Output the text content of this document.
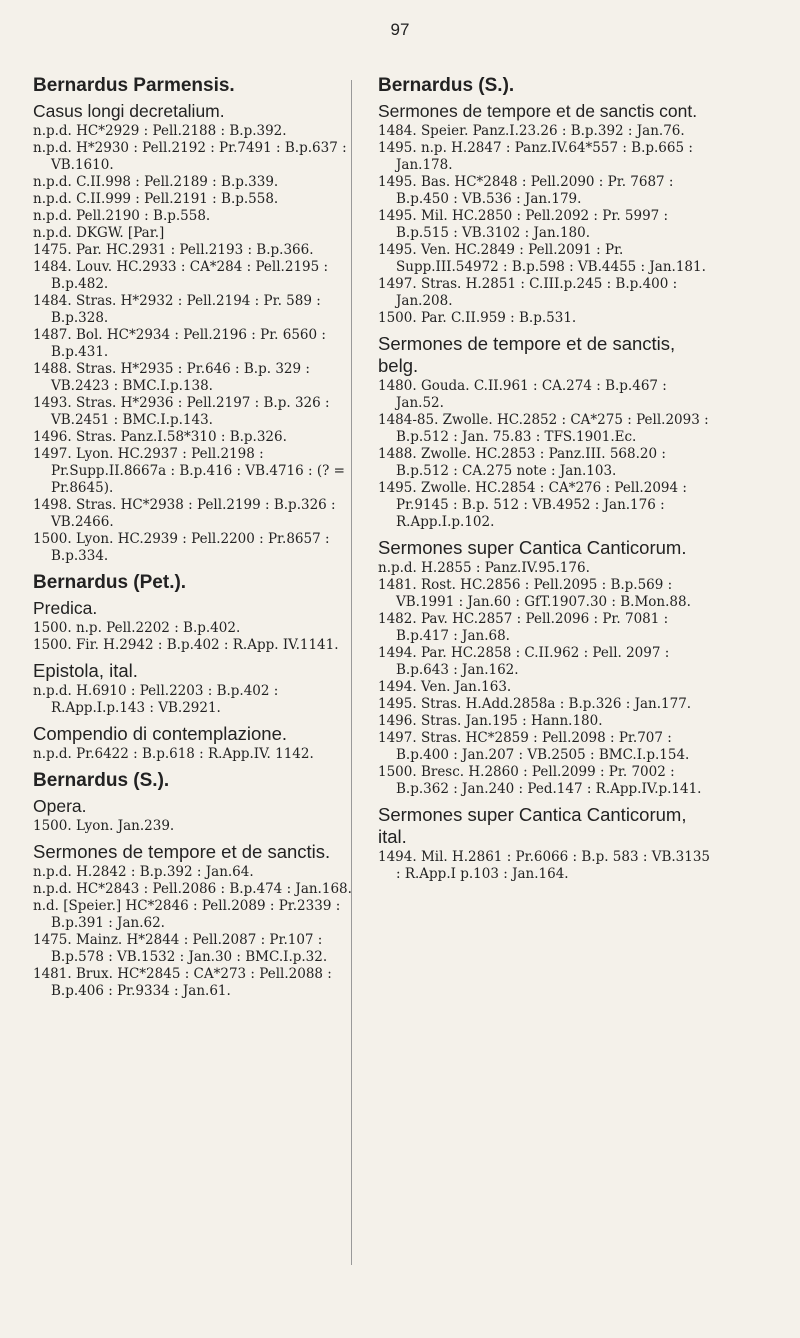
97
Bernardus Parmensis.
Casus longi decretalium.
n.p.d. HC*2929 : Pell.2188 : B.p.392.
n.p.d. H*2930 : Pell.2192 : Pr.7491 : B.p.637 : VB.1610.
n.p.d. C.II.998 : Pell.2189 : B.p.339.
n.p.d. C.II.999 : Pell.2191 : B.p.558.
n.p.d. Pell.2190 : B.p.558.
n.p.d. DKGW. [Par.]
1475. Par. HC.2931 : Pell.2193 : B.p.366.
1484. Louv. HC.2933 : CA*284 : Pell.2195 : B.p.482.
1484. Stras. H*2932 : Pell.2194 : Pr. 589 : B.p.328.
1487. Bol. HC*2934 : Pell.2196 : Pr. 6560 : B.p.431.
1488. Stras. H*2935 : Pr.646 : B.p. 329 : VB.2423 : BMC.I.p.138.
1493. Stras. H*2936 : Pell.2197 : B.p. 326 : VB.2451 : BMC.I.p.143.
1496. Stras. Panz.I.58*310 : B.p.326.
1497. Lyon. HC.2937 : Pell.2198 : Pr.Supp.II.8667a : B.p.416 : VB.4716 : (? = Pr.8645).
1498. Stras. HC*2938 : Pell.2199 : B.p.326 : VB.2466.
1500. Lyon. HC.2939 : Pell.2200 : Pr.8657 : B.p.334.
Bernardus (Pet.).
Predica.
1500. n.p. Pell.2202 : B.p.402.
1500. Fir. H.2942 : B.p.402 : R.App. IV.1141.
Epistola, ital.
n.p.d. H.6910 : Pell.2203 : B.p.402 : R.App.I.p.143 : VB.2921.
Compendio di contemplazione.
n.p.d. Pr.6422 : B.p.618 : R.App.IV. 1142.
Bernardus (S.).
Opera.
1500. Lyon. Jan.239.
Sermones de tempore et de sanctis.
n.p.d. H.2842 : B.p.392 : Jan.64.
n.p.d. HC*2843 : Pell.2086 : B.p.474 : Jan.168.
n.d. [Speier.] HC*2846 : Pell.2089 : Pr.2339 : B.p.391 : Jan.62.
1475. Mainz. H*2844 : Pell.2087 : Pr.107 : B.p.578 : VB.1532 : Jan.30 : BMC.I.p.32.
1481. Brux. HC*2845 : CA*273 : Pell.2088 : B.p.406 : Pr.9334 : Jan.61.
Bernardus (S.).
Sermones de tempore et de sanctis cont.
1484. Speier. Panz.I.23.26 : B.p.392 : Jan.76.
1495. n.p. H.2847 : Panz.IV.64*557 : B.p.665 : Jan.178.
1495. Bas. HC*2848 : Pell.2090 : Pr. 7687 : B.p.450 : VB.536 : Jan.179.
1495. Mil. HC.2850 : Pell.2092 : Pr. 5997 : B.p.515 : VB.3102 : Jan.180.
1495. Ven. HC.2849 : Pell.2091 : Pr. Supp.III.54972 : B.p.598 : VB.4455 : Jan.181.
1497. Stras. H.2851 : C.III.p.245 : B.p.400 : Jan.208.
1500. Par. C.II.959 : B.p.531.
Sermones de tempore et de sanctis, belg.
1480. Gouda. C.II.961 : CA.274 : B.p.467 : Jan.52.
1484-85. Zwolle. HC.2852 : CA*275 : Pell.2093 : B.p.512 : Jan. 75.83 : TFS.1901.Ec.
1488. Zwolle. HC.2853 : Panz.III. 568.20 : B.p.512 : CA.275 note : Jan.103.
1495. Zwolle. HC.2854 : CA*276 : Pell.2094 : Pr.9145 : B.p. 512 : VB.4952 : Jan.176 : R.App.I.p.102.
Sermones super Cantica Canticorum.
n.p.d. H.2855 : Panz.IV.95.176.
1481. Rost. HC.2856 : Pell.2095 : B.p.569 : VB.1991 : Jan.60 : GfT.1907.30 : B.Mon.88.
1482. Pav. HC.2857 : Pell.2096 : Pr. 7081 : B.p.417 : Jan.68.
1494. Par. HC.2858 : C.II.962 : Pell. 2097 : B.p.643 : Jan.162.
1494. Ven. Jan.163.
1495. Stras. H.Add.2858a : B.p.326 : Jan.177.
1496. Stras. Jan.195 : Hann.180.
1497. Stras. HC*2859 : Pell.2098 : Pr.707 : B.p.400 : Jan.207 : VB.2505 : BMC.I.p.154.
1500. Bresc. H.2860 : Pell.2099 : Pr. 7002 : B.p.362 : Jan.240 : Ped.147 : R.App.IV.p.141.
Sermones super Cantica Canticorum, ital.
1494. Mil. H.2861 : Pr.6066 : B.p. 583 : VB.3135 : R.App.I p.103 : Jan.164.
